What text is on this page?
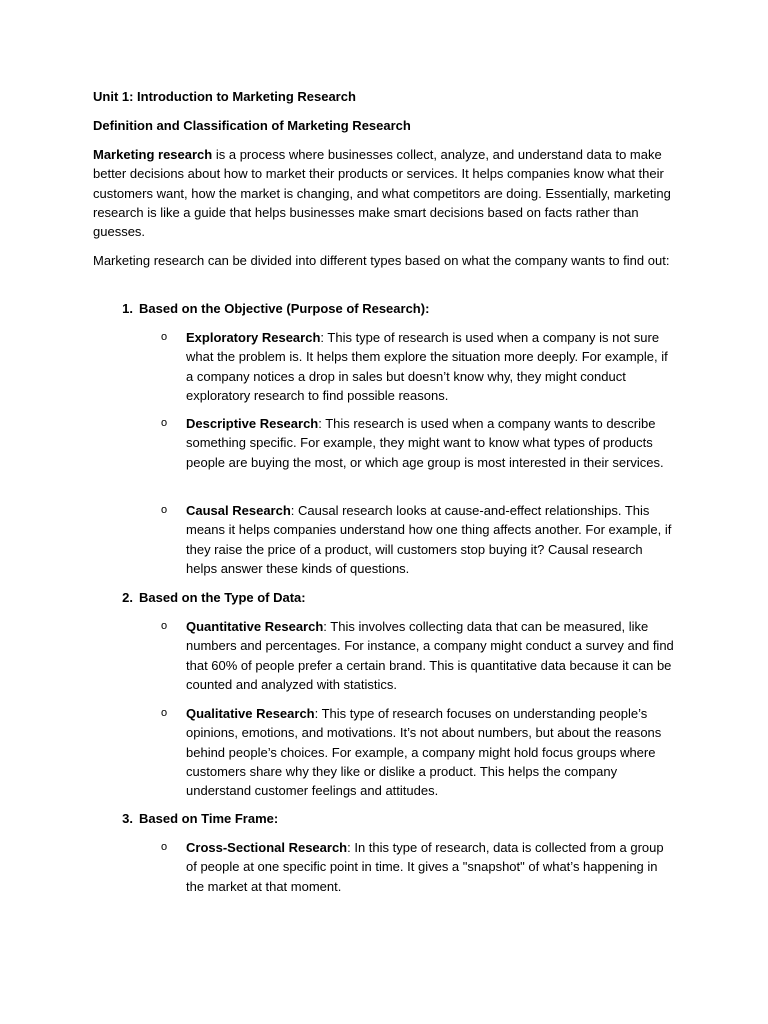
Unit 1: Introduction to Marketing Research

Definition and Classification of Marketing Research

Marketing research is a process where businesses collect, analyze, and understand data to make better decisions about how to market their products or services. It helps companies know what their customers want, how the market is changing, and what competitors are doing. Essentially, marketing research is like a guide that helps businesses make smart decisions based on facts rather than guesses.

Marketing research can be divided into different types based on what the company wants to find out:

1. Based on the Objective (Purpose of Research):
o Exploratory Research: This type of research is used when a company is not sure what the problem is. It helps them explore the situation more deeply. For example, if a company notices a drop in sales but doesn’t know why, they might conduct exploratory research to find possible reasons.

o Descriptive Research: This research is used when a company wants to describe something specific. For example, they might want to know what types of products people are buying the most, or which age group is most interested in their services.

o Causal Research: Causal research looks at cause-and-effect relationships. This means it helps companies understand how one thing affects another. For example, if they raise the price of a product, will customers stop buying it? Causal research helps answer these kinds of questions.

2. Based on the Type of Data:
o Quantitative Research: This involves collecting data that can be measured, like numbers and percentages. For instance, a company might conduct a survey and find that 60% of people prefer a certain brand. This is quantitative data because it can be counted and analyzed with statistics.

o Qualitative Research: This type of research focuses on understanding people’s opinions, emotions, and motivations. It’s not about numbers, but about the reasons behind people’s choices. For example, a company might hold focus groups where customers share why they like or dislike a product. This helps the company understand customer feelings and attitudes.

3. Based on Time Frame:
o Cross-Sectional Research: In this type of research, data is collected from a group of people at one specific point in time. It gives a "snapshot" of what’s happening in the market at that moment.
